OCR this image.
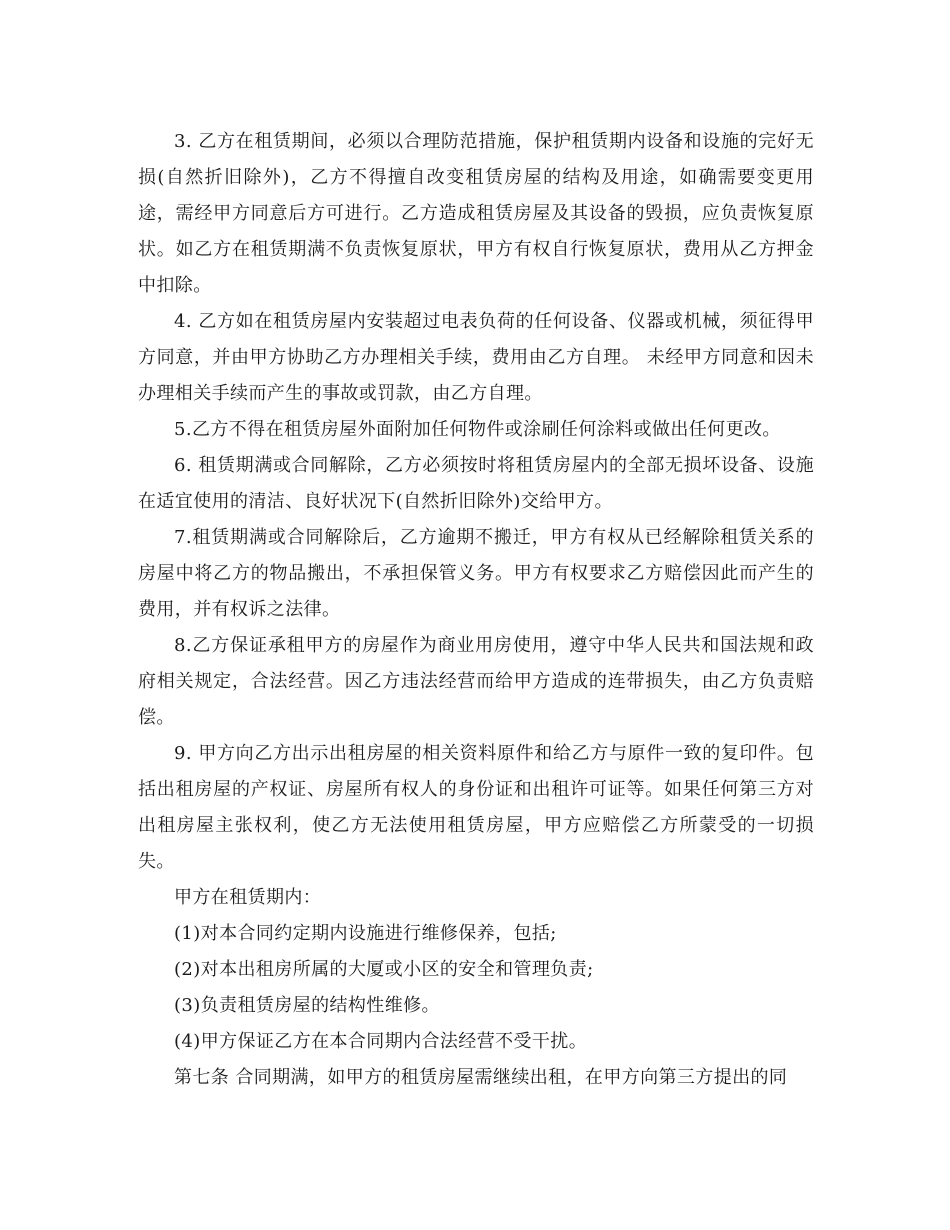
3. 乙方在租赁期间，必须以合理防范措施，保护租赁期内设备和设施的完好无损(自然折旧除外)，乙方不得擅自改变租赁房屋的结构及用途，如确需要变更用途，需经甲方同意后方可进行。乙方造成租赁房屋及其设备的毁损，应负责恢复原状。如乙方在租赁期满不负责恢复原状，甲方有权自行恢复原状，费用从乙方押金中扣除。

4. 乙方如在租赁房屋内安装超过电表负荷的任何设备、仪器或机械，须征得甲方同意，并由甲方协助乙方办理相关手续，费用由乙方自理。 未经甲方同意和因未办理相关手续而产生的事故或罚款，由乙方自理。

5.乙方不得在租赁房屋外面附加任何物件或涂刷任何涂料或做出任何更改。

6. 租赁期满或合同解除，乙方必须按时将租赁房屋内的全部无损坏设备、设施在适宜使用的清洁、良好状况下(自然折旧除外)交给甲方。

7.租赁期满或合同解除后，乙方逾期不搬迁，甲方有权从已经解除租赁关系的房屋中将乙方的物品搬出，不承担保管义务。甲方有权要求乙方赔偿因此而产生的费用，并有权诉之法律。

8.乙方保证承租甲方的房屋作为商业用房使用，遵守中华人民共和国法规和政府相关规定，合法经营。因乙方违法经营而给甲方造成的连带损失，由乙方负责赔偿。

9. 甲方向乙方出示出租房屋的相关资料原件和给乙方与原件一致的复印件。包括出租房屋的产权证、房屋所有权人的身份证和出租许可证等。如果任何第三方对出租房屋主张权利，使乙方无法使用租赁房屋，甲方应赔偿乙方所蒙受的一切损失。

甲方在租赁期内：

(1)对本合同约定期内设施进行维修保养，包括;

(2)对本出租房所属的大厦或小区的安全和管理负责;

(3)负责租赁房屋的结构性维修。

(4)甲方保证乙方在本合同期内合法经营不受干扰。

第七条 合同期满，如甲方的租赁房屋需继续出租，在甲方向第三方提出的同
